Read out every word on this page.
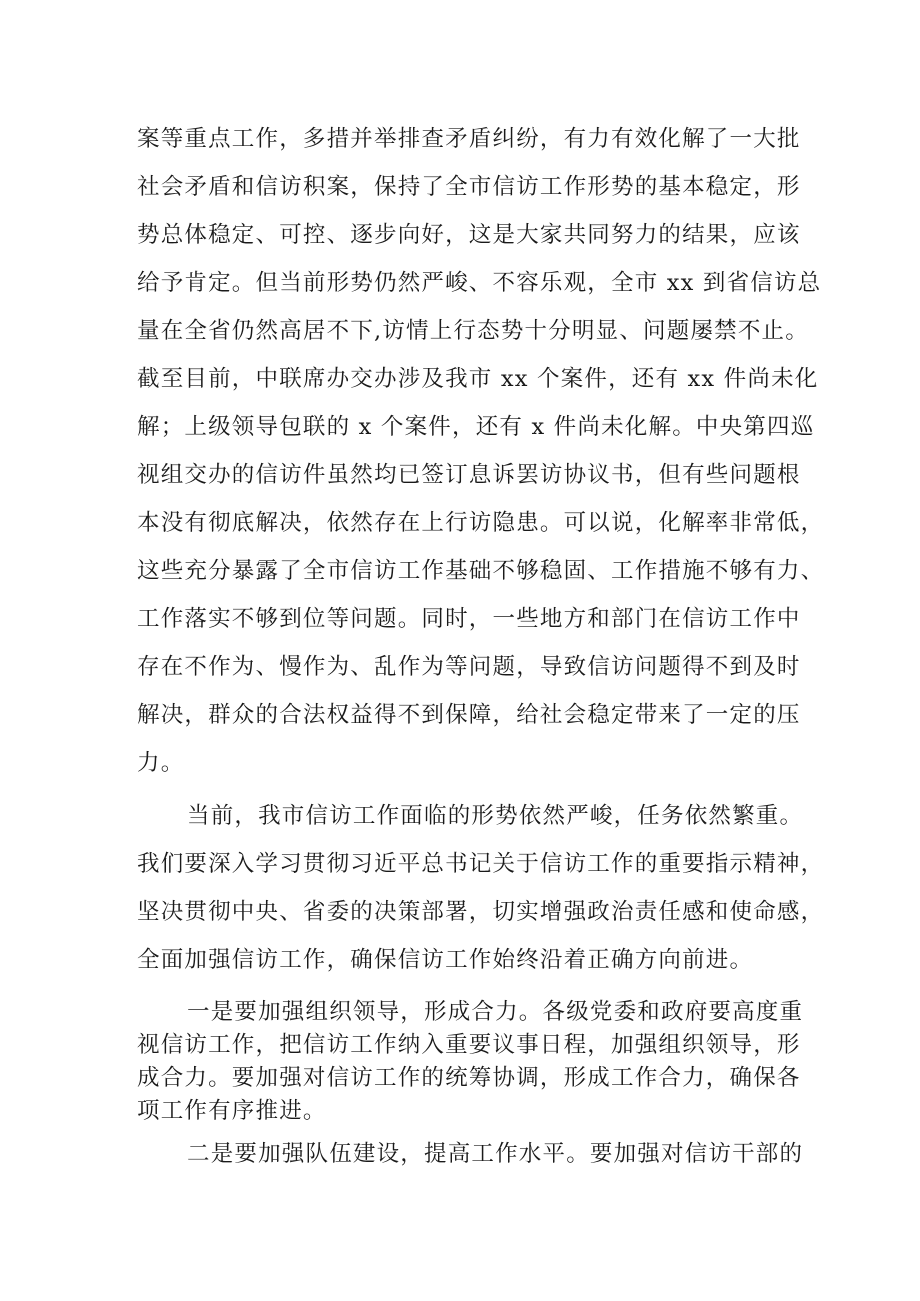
案等重点工作，多措并举排查矛盾纠纷，有力有效化解了一大批
社会矛盾和信访积案，保持了全市信访工作形势的基本稳定，形
势总体稳定、可控、逐步向好，这是大家共同努力的结果，应该
给予肯定。但当前形势仍然严峻、不容乐观，全市 xx 到省信访总
量在全省仍然高居不下,访情上行态势十分明显、问题屡禁不止。
截至目前，中联席办交办涉及我市 xx 个案件，还有 xx 件尚未化
解；上级领导包联的 x 个案件，还有 x 件尚未化解。中央第四巡
视组交办的信访件虽然均已签订息诉罢访协议书，但有些问题根
本没有彻底解决，依然存在上行访隐患。可以说，化解率非常低，
这些充分暴露了全市信访工作基础不够稳固、工作措施不够有力、
工作落实不够到位等问题。同时，一些地方和部门在信访工作中
存在不作为、慢作为、乱作为等问题，导致信访问题得不到及时
解决，群众的合法权益得不到保障，给社会稳定带来了一定的压
力。
当前，我市信访工作面临的形势依然严峻，任务依然繁重。
我们要深入学习贯彻习近平总书记关于信访工作的重要指示精神，
坚决贯彻中央、省委的决策部署，切实增强政治责任感和使命感，
全面加强信访工作，确保信访工作始终沿着正确方向前进。
一是要加强组织领导，形成合力。各级党委和政府要高度重
视信访工作，把信访工作纳入重要议事日程，加强组织领导，形
成合力。要加强对信访工作的统筹协调，形成工作合力，确保各
项工作有序推进。
二是要加强队伍建设，提高工作水平。要加强对信访干部的
